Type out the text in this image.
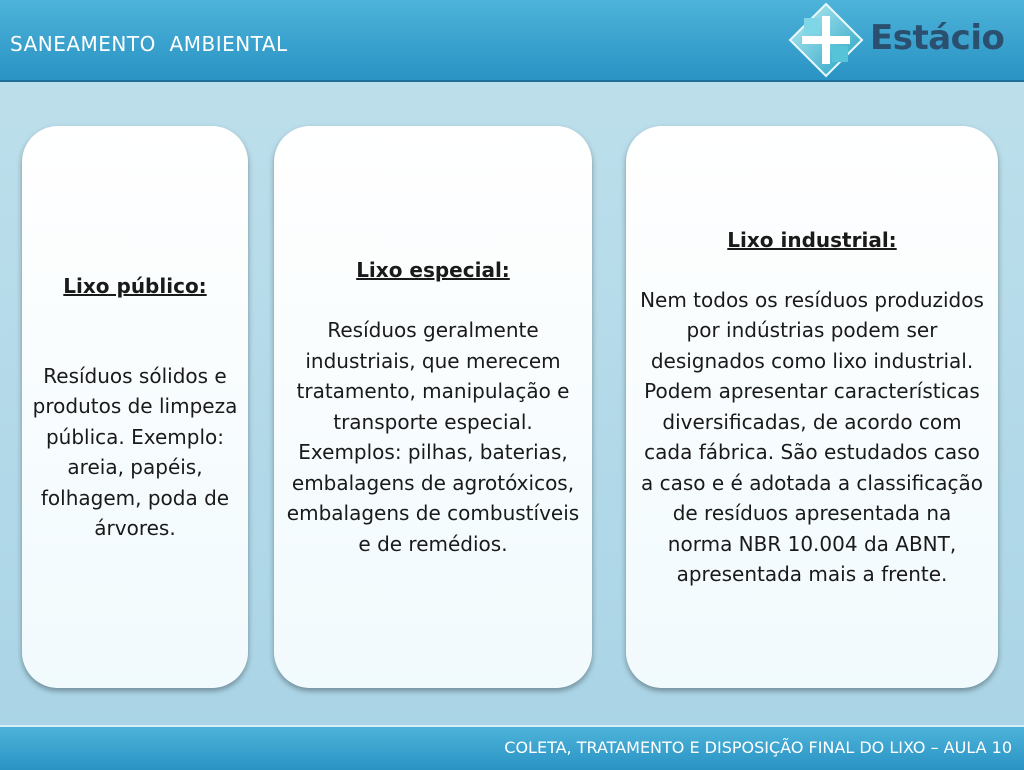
SANEAMENTO  AMBIENTAL	Estácio
Lixo público:
Resíduos sólidos e produtos de limpeza pública. Exemplo: areia, papéis, folhagem, poda de árvores.
Lixo especial:
Resíduos geralmente industriais, que merecem tratamento, manipulação e transporte especial. Exemplos: pilhas, baterias, embalagens de agrotóxicos, embalagens de combustíveis e de remédios.
Lixo industrial:
Nem todos os resíduos produzidos por indústrias podem ser designados como lixo industrial. Podem apresentar características diversificadas, de acordo com cada fábrica. São estudados caso a caso e é adotada a classificação de resíduos apresentada na norma NBR 10.004 da ABNT, apresentada mais a frente.
COLETA, TRATAMENTO E DISPOSIÇÃO FINAL DO LIXO – AULA 10
